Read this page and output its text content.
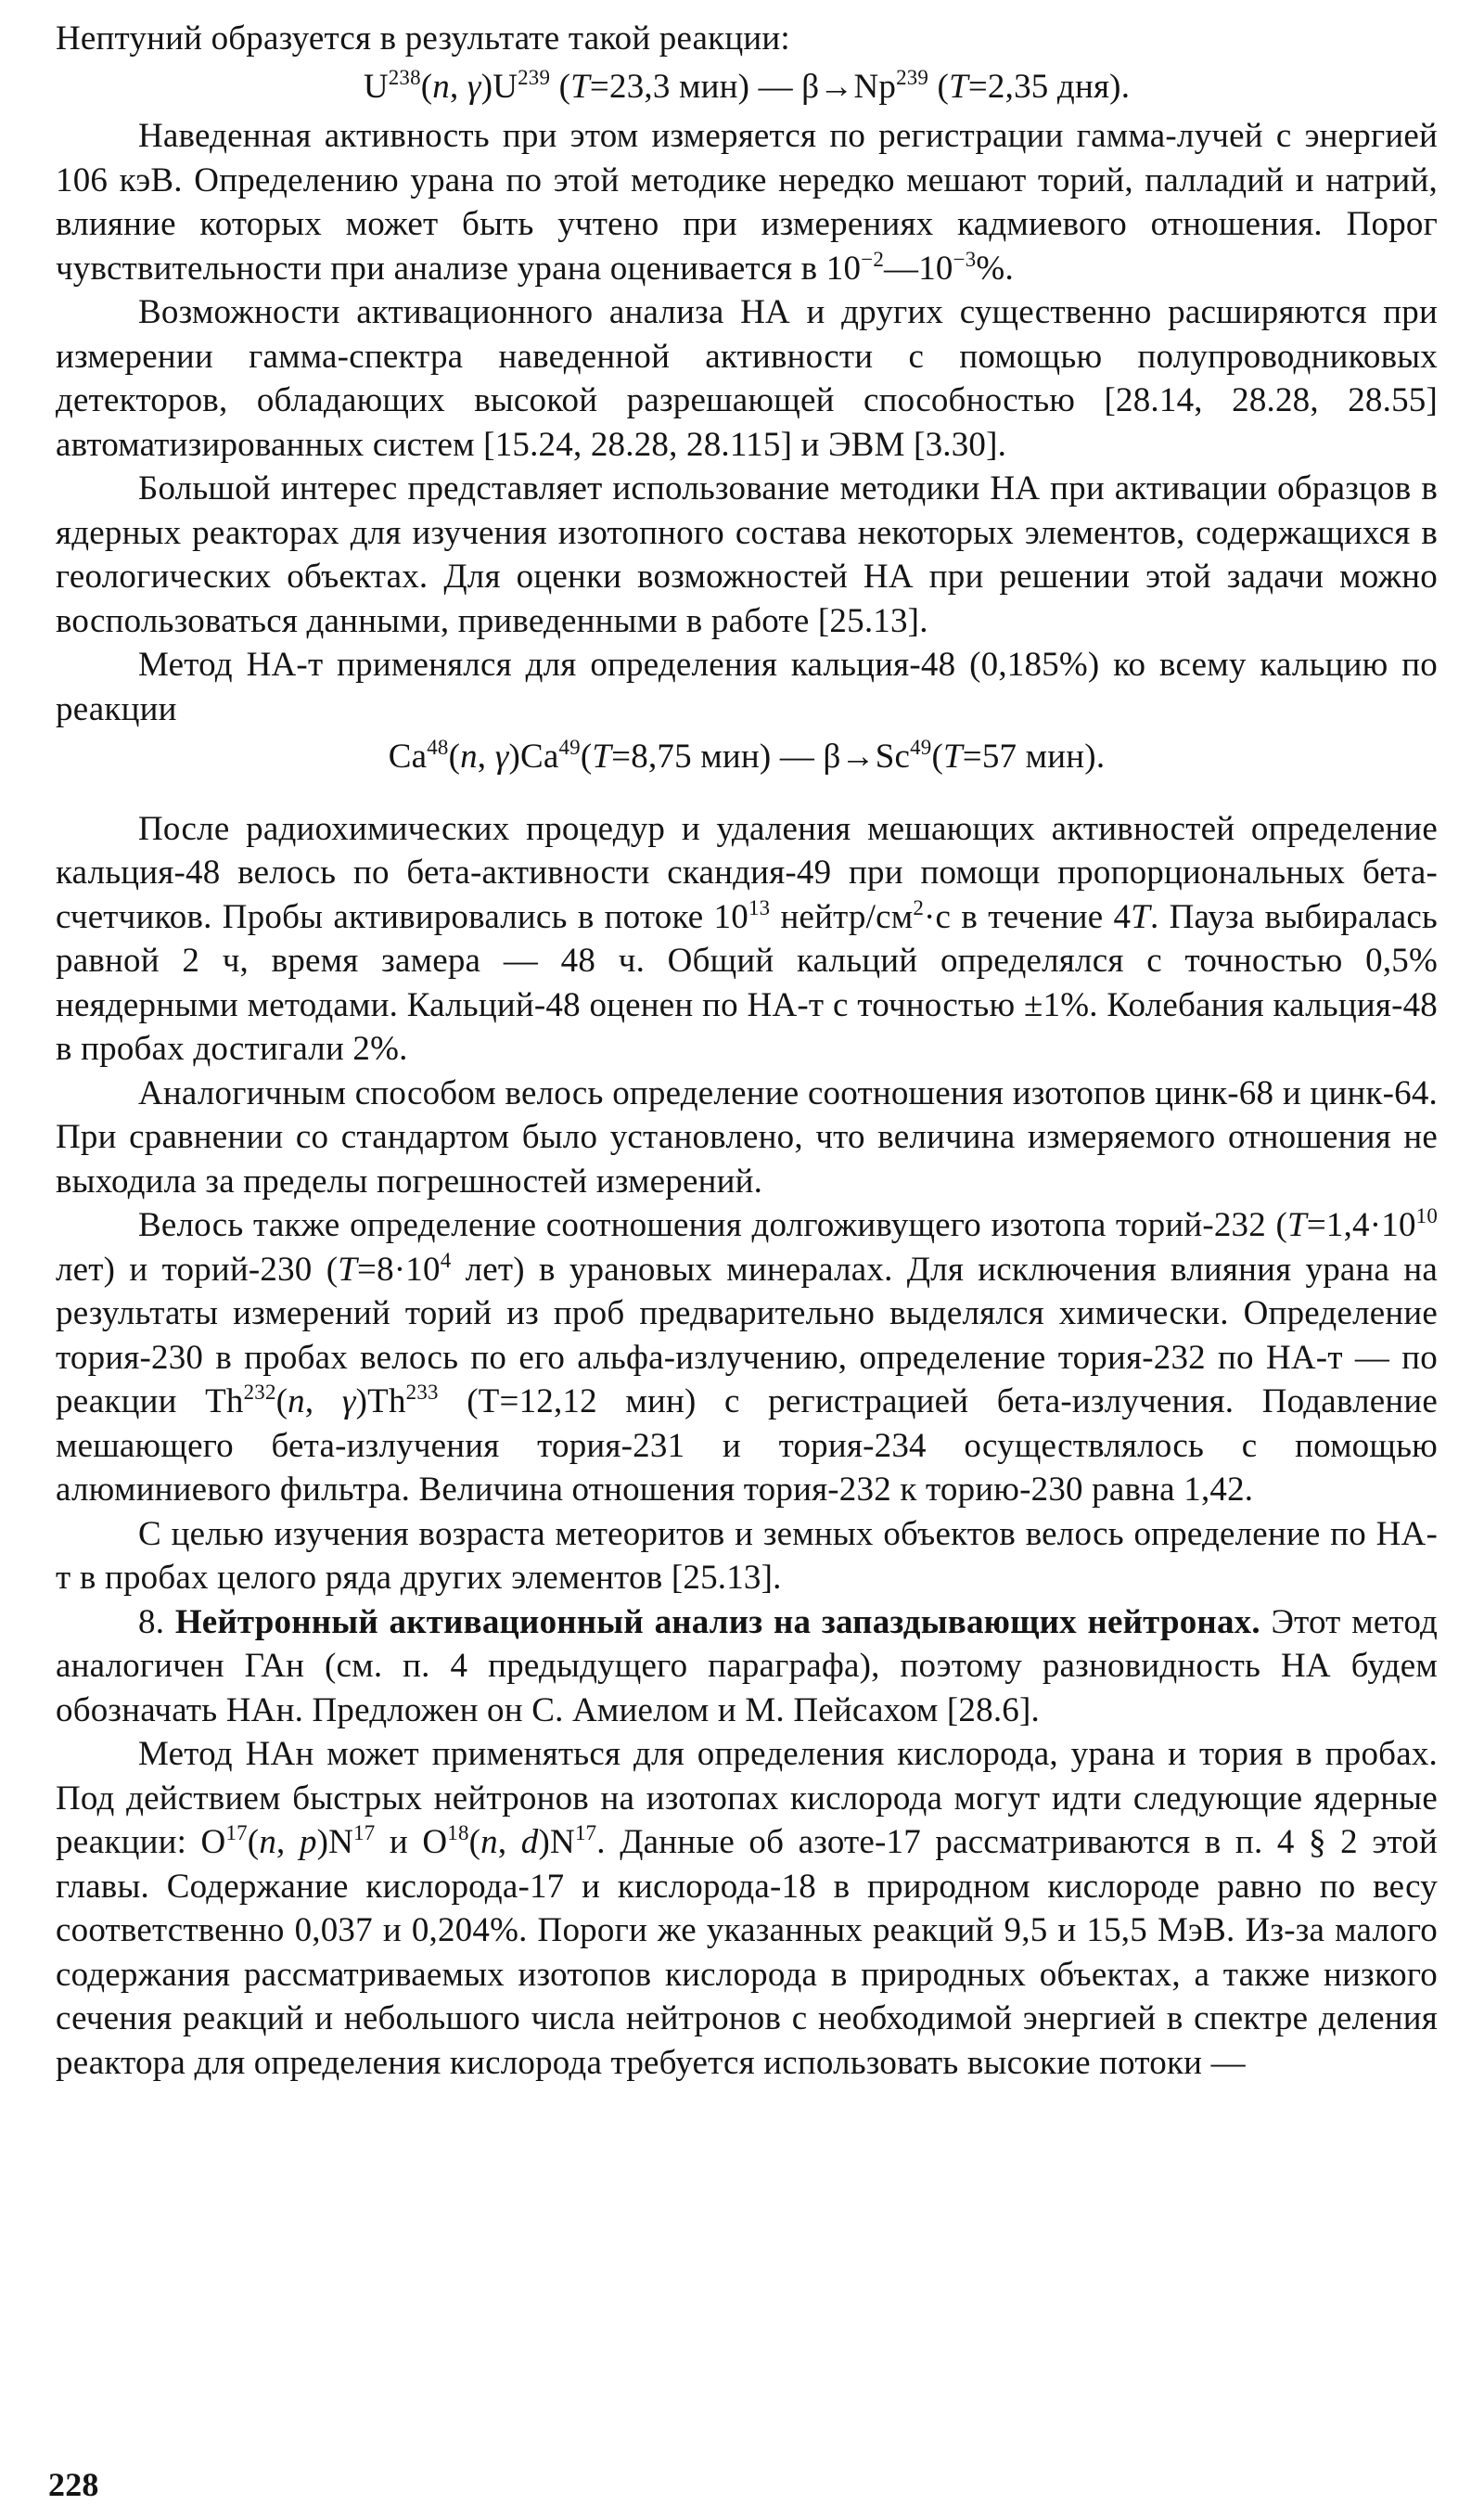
Нептуний образуется в результате такой реакции:

$U^{238}(n$, $\gamma)U^{239}$ (T=23,3 мин) — $\beta\to Np^{239}$ (T=2,35 дня).

Наведенная активность при этом измеряется по регистрации гамма-лучей с энергией 106 кэВ. Определению урана по этой методике нередко мешают торий, палладий и натрий, влияние которых может быть учтено при измерениях кадмиевого отношения. Порог чувствительности при анализе урана оценивается в $10^{-2}—10^{-3}\%$.

Возможности активационного анализа НА и других существенно расширяются при измерении гамма-спектра наведенной активности с помощью полупроводниковых детекторов, обладающих высокой разрешающей способностью [28.14, 28.28, 28.55] автоматизированных систем [15.24, 28.28, 28.115] и ЭВМ [3.30].

Большой интерес представляет использование методики НА при активации образцов в ядерных реакторах для изучения изотопного состава некоторых элементов, содержащихся в геологических объектах. Для оценки возможностей НА при решении этой задачи можно воспользоваться данными, приведенными в работе [25.13].

Метод НА-т применялся для определения кальция-48 (0,185%) ко всему кальцию по реакции

Ca$^{48}$(n, $\gamma)Ca^{49}(T=8,75$ мин) — $\beta\to Sc^{49}(T=57$ мин).

После радиохимических процедур и удаления мешающих активностей определение кальция-48 велось по бета-активности скандия-49 при помощи пропорциональных бета-счетчиков. Пробы активировались в потоке $10^{13}$ нейтр/$см^2\cdot с$ в течение 4T. Пауза выбиралась равной 2 ч, время замера — 48 ч. Общий кальций определялся с точностью 0,5% неядерными методами. Кальций-48 оценен по НА-т с точностью ±1%. Колебания кальция-48 в пробах достигали 2%.

Аналогичным способом велось определение соотношения изотопов цинк-68 и цинк-64. При сравнении со стандартом было установлено, что величина измеряемого отношения не выходила за пределы погрешностей измерений.

Велось также определение соотношения долгоживущего изотопа торий-232 ($T=1,4\cdot 10^{10}$ лет) и торий-230 ($T=8\cdot 10^4$ лет) в урановых минералах. Для исключения влияния урана на результаты измерений торий из проб предварительно выделялся химически. Определение тория-230 в пробах велось по его альфа-излучению, определение тория-232 по НА-т — по реакции Th$^{232}$(n, γ)Th$^{233}$ (T=12,12 мин) с регистрацией бета-излучения. Подавление мешающего бета-излучения тория-231 и тория-234 осуществлялось с помощью алюминиевого фильтра. Величина отношения тория-232 к торию-230 равна 1,42.

С целью изучения возраста метеоритов и земных объектов велось определение по НА-т в пробах целого ряда других элементов [25.13].

8. Нейтронный активационный анализ на запаздывающих нейтронах. Этот метод аналогичен ГАн (см. п. 4 предыдущего параграфа), поэтому разновидность НА будем обозначать НАн. Предложен он С. Амиелом и М. Пейсахом [28.6].

Метод НАн может применяться для определения кислорода, урана и тория в пробах. Под действием быстрых нейтронов на изотопах кислорода могут идти следующие ядерные реакции: $O^{17}(n$, $p)N^{17}$ и $O^{18}(n$, $d)N^{17}$. Данные об азоте-17 рассматриваются в п. 4 § 2 этой главы. Содержание кислорода-17 и кислорода-18 в природном кислороде равно по весу соответственно 0,037 и 0,204%. Пороги же указанных реакций 9,5 и 15,5 МэВ. Из-за малого содержания рассматриваемых изотопов кислорода в природных объектах, а также низкого сечения реакций и небольшого числа нейтронов с необходимой энергией в спектре деления реактора для определения кислорода требуется использовать высокие потоки —

228
